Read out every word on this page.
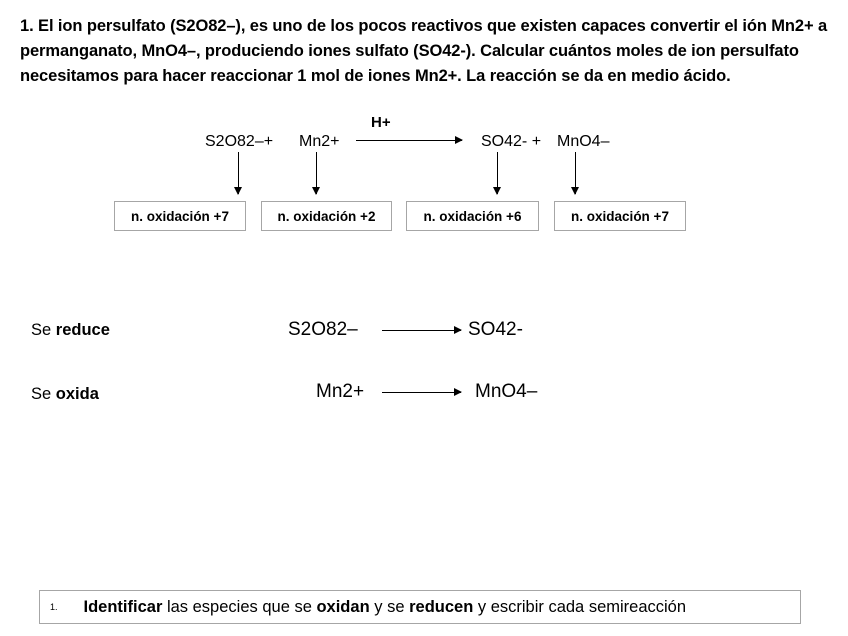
1. El ion persulfato (S2O82–), es uno de los pocos reactivos que existen capaces convertir el ión Mn2+ a permanganato, MnO4–, produciendo iones sulfato (SO42-). Calcular cuántos moles de ion persulfato necesitamos para hacer reaccionar 1 mol de iones Mn2+. La reacción se da en medio ácido.
S2O82–+ Mn2+
H+
SO42- + MnO4–
n. oxidación +7	n. oxidación +2	n. oxidación +6	n. oxidación +7
Se reduce	S2O82–	SO42-
Se oxida	Mn2+	MnO4–
1. Identificar las especies que se oxidan y se reducen y escribir cada semireacción
